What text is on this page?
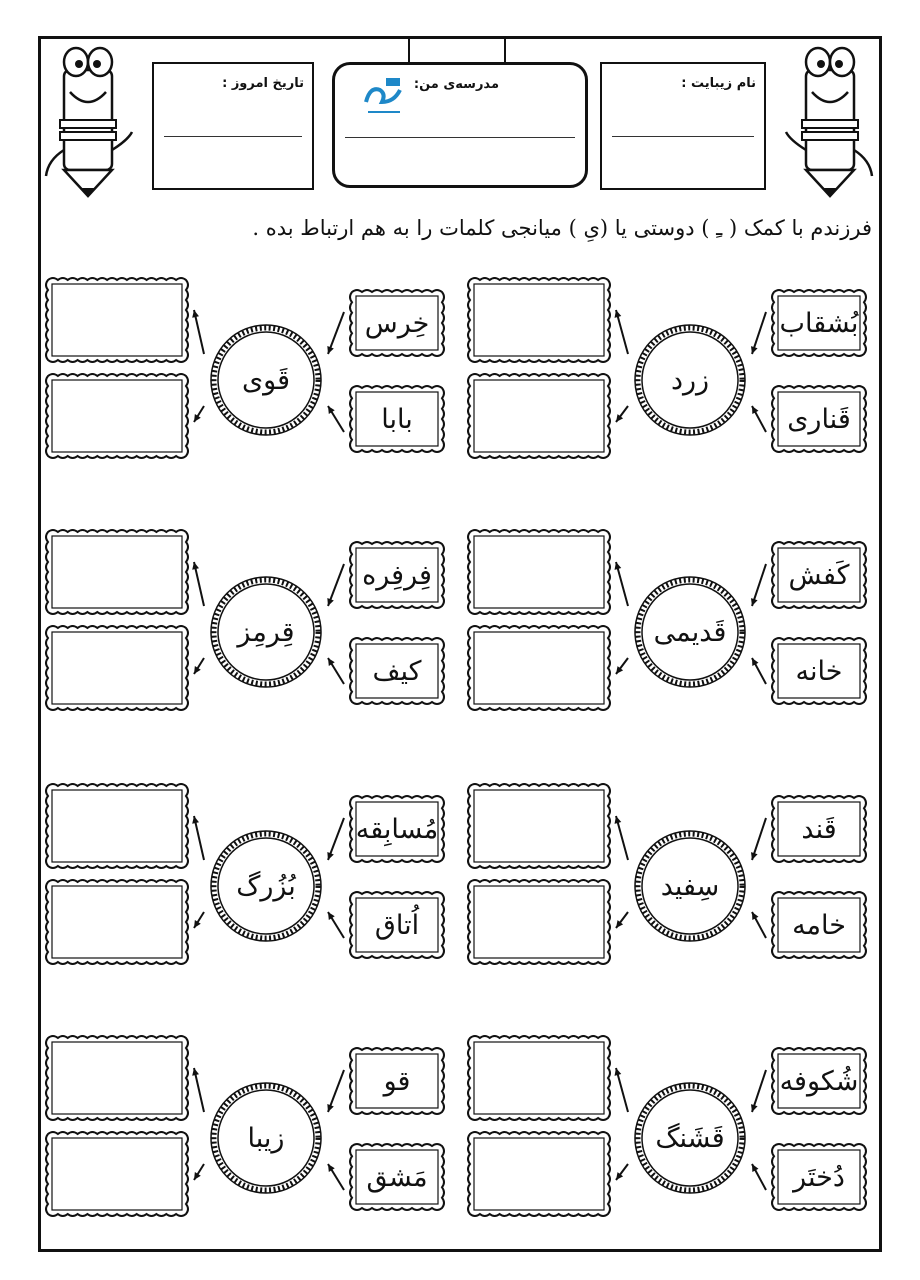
تاریخ امروز :	مدرسه‌ی من:	نام زیبایت :
فرزندم با کمک ( ـِ ) دوستی یا (یِ ) میانجی کلمات را به هم ارتباط بده .
بُشقاب
قَناری
زرد
خِرس
بابا
قَوی
کَفش
خانه
قَدیمی
فِرفِره
کیف
قِرمِز
قَند
خامه
سِفید
مُسابِقه
اُتاق
بُزُرگ
شُکوفه
دُختَر
قَشَنگ
قو
مَشق
زیبا
